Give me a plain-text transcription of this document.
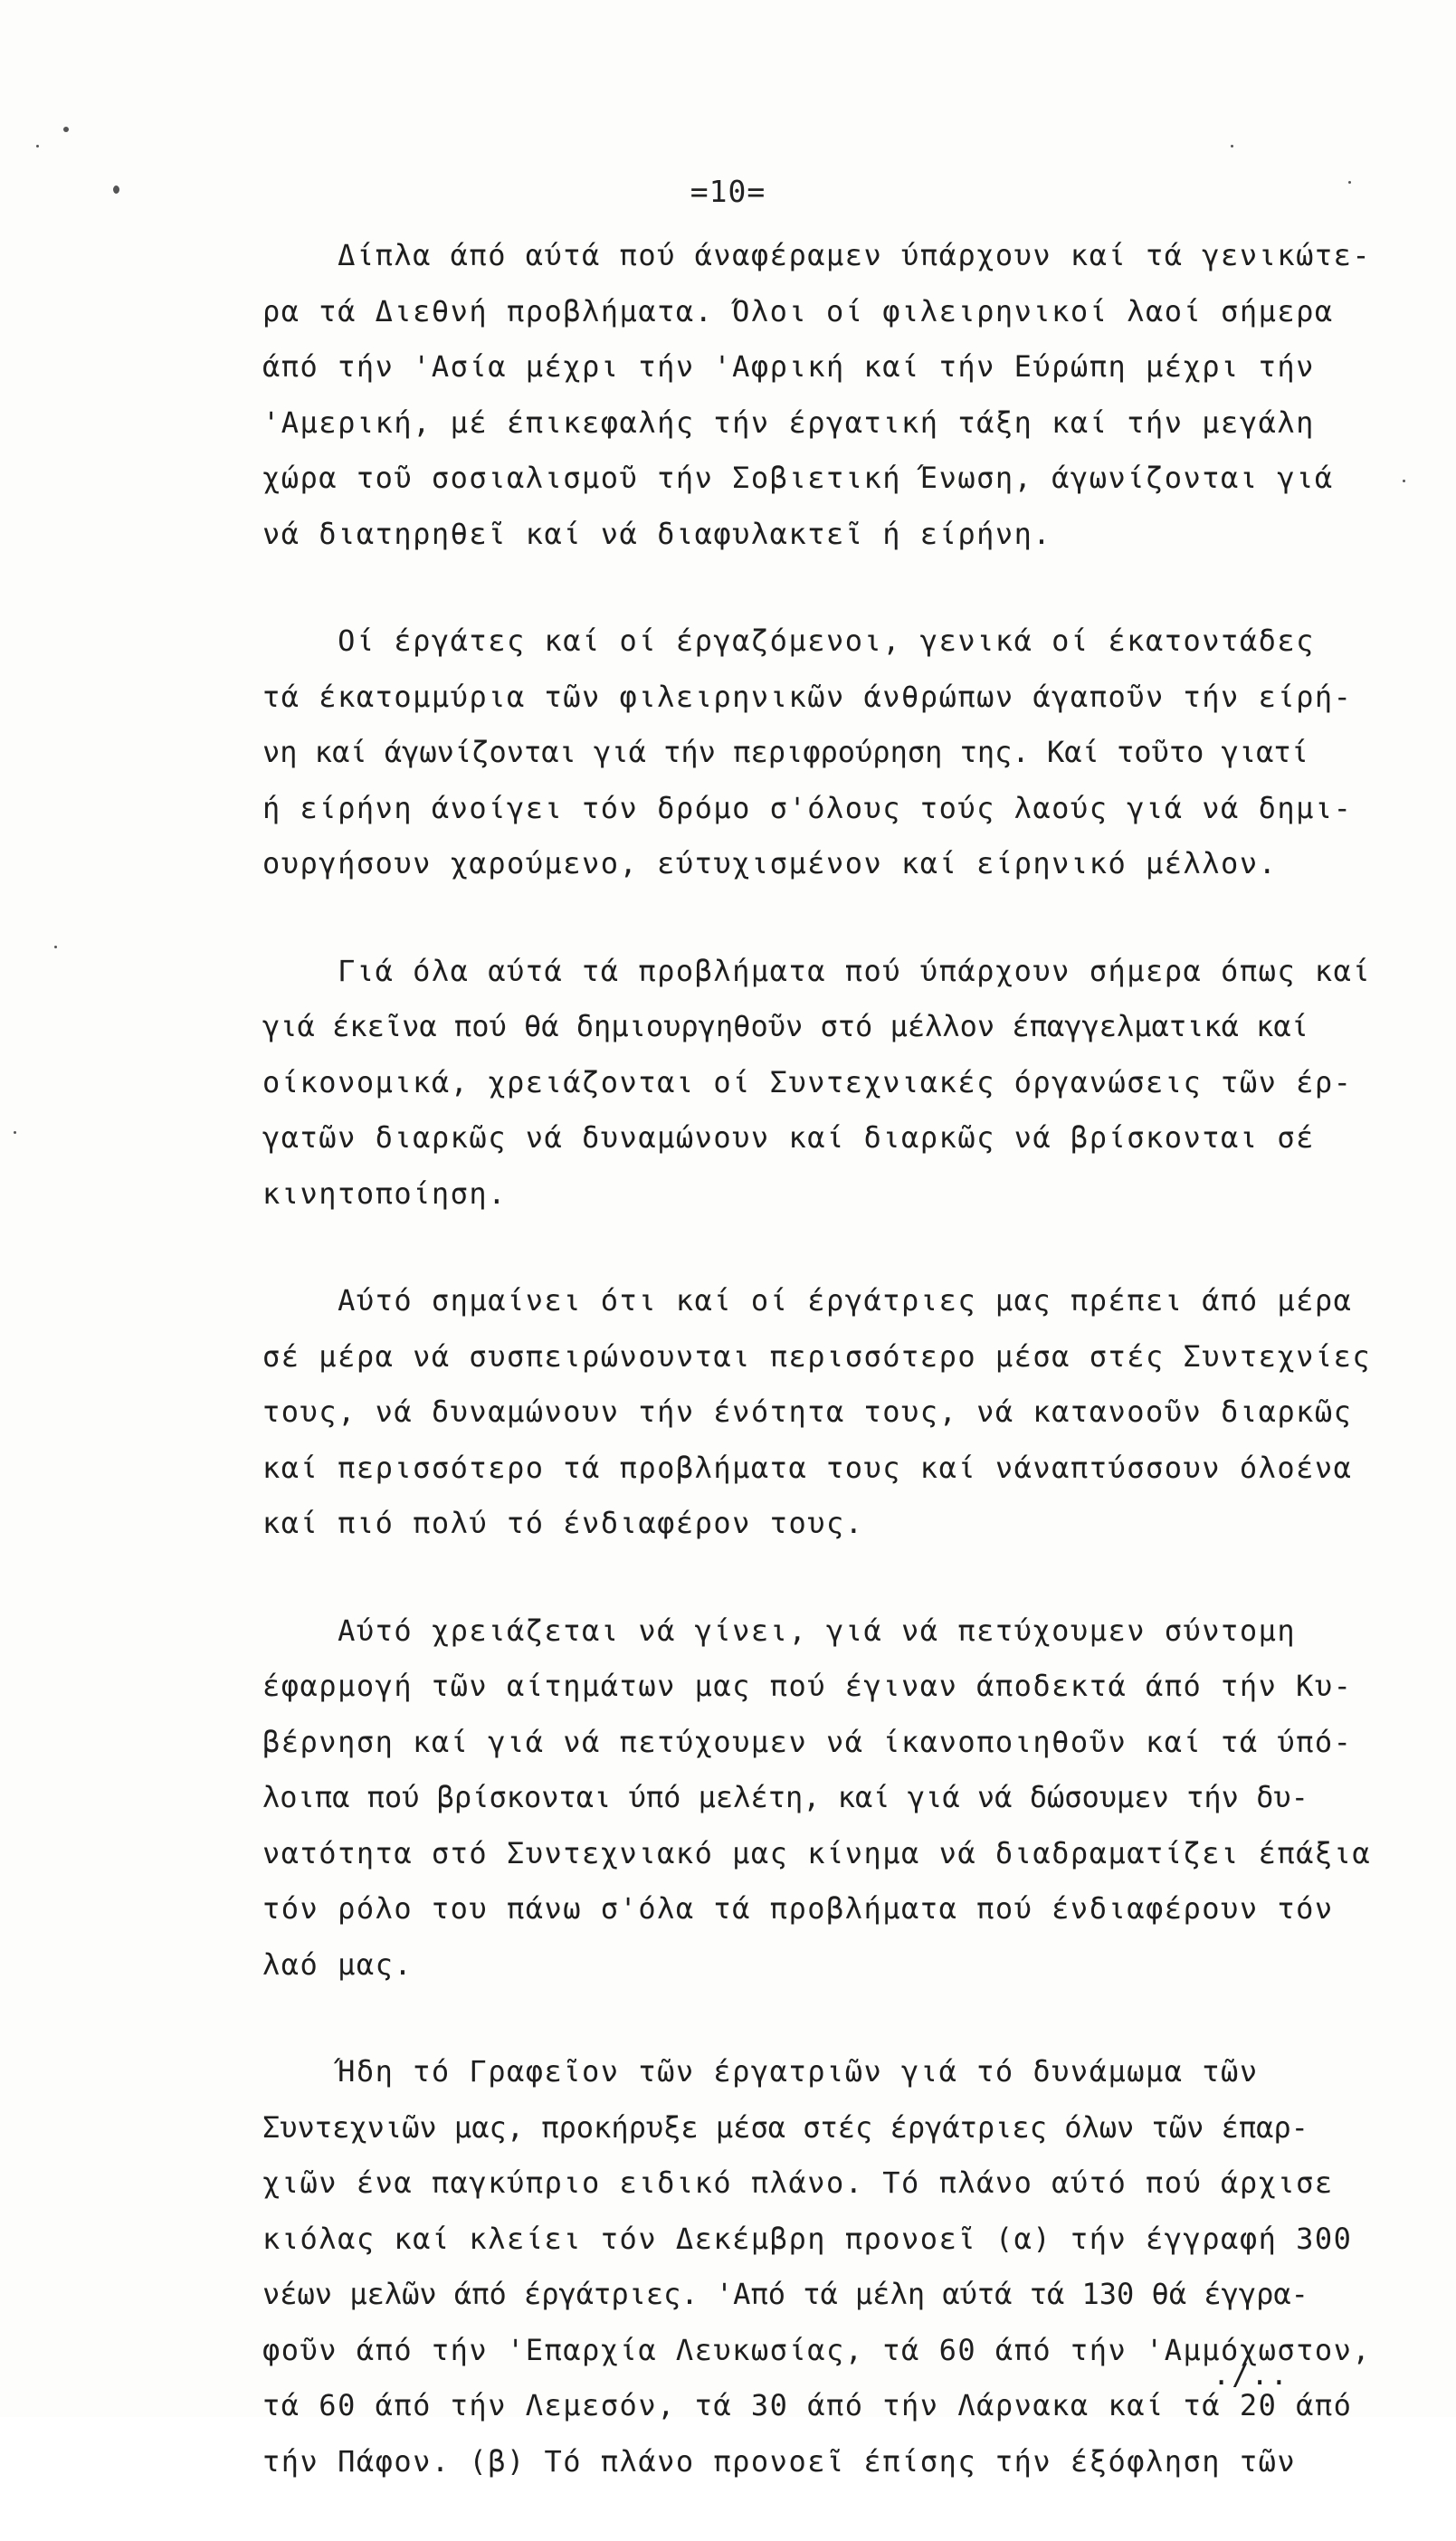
=10=
Δίπλα άπό αύτά πού άναφέραμεν ύπάρχουν καί τά γενικώτε-
ρα τά Διεθνή προβλήματα. Όλοι οί φιλειρηνικοί λαοί σήμερα
άπό τήν 'Ασία μέχρι τήν 'Αφρική καί τήν Εύρώπη μέχρι τήν
'Αμερική, μέ έπικεφαλής τήν έργατική τάξη καί τήν μεγάλη
χώρα τοῦ σοσιαλισμοῦ τήν Σοβιετική Ένωση, άγωνίζονται γιά
νά διατηρηθεῖ καί νά διαφυλακτεῖ ή είρήνη.
Οί έργάτες καί οί έργαζόμενοι, γενικά οί έκατοντάδες
τά έκατομμύρια τῶν φιλειρηνικῶν άνθρώπων άγαποῦν τήν είρή-
νη καί άγωνίζονται γιά τήν περιφρούρηση της. Καί τοῦτο γιατί
ή είρήνη άνοίγει τόν δρόμο σ'όλους τούς λαούς γιά νά δημι-
ουργήσουν χαρούμενο, εύτυχισμένον καί είρηνικό μέλλον.
Γιά όλα αύτά τά προβλήματα πού ύπάρχουν σήμερα όπως καί
γιά έκεῖνα πού θά δημιουργηθοῦν στό μέλλον έπαγγελματικά καί
οίκονομικά, χρειάζονται οί Συντεχνιακές όργανώσεις τῶν έρ-
γατῶν διαρκῶς νά δυναμώνουν καί διαρκῶς νά βρίσκονται σέ
κινητοποίηση.
Αύτό σημαίνει ότι καί οί έργάτριες μας πρέπει άπό μέρα
σέ μέρα νά συσπειρώνουνται περισσότερο μέσα στές Συντεχνίες
τους, νά δυναμώνουν τήν ένότητα τους, νά κατανοοῦν διαρκῶς
καί περισσότερο τά προβλήματα τους καί νάναπτύσσουν όλοένα
καί πιό πολύ τό ένδιαφέρον τους.
Αύτό χρειάζεται νά γίνει, γιά νά πετύχουμεν σύντομη
έφαρμογή τῶν αίτημάτων μας πού έγιναν άποδεκτά άπό τήν Κυ-
βέρνηση καί γιά νά πετύχουμεν νά ίκανοποιηθοῦν καί τά ύπό-
λοιπα πού βρίσκονται ύπό μελέτη, καί γιά νά δώσουμεν τήν δυ-
νατότητα στό Συντεχνιακό μας κίνημα νά διαδραματίζει έπάξια
τόν ρόλο του πάνω σ'όλα τά προβλήματα πού ένδιαφέρουν τόν
λαό μας.
Ήδη τό Γραφεῖον τῶν έργατριῶν γιά τό δυνάμωμα τῶν
Συντεχνιῶν μας, προκήρυξε μέσα στές έργάτριες όλων τῶν έπαρ-
χιῶν ένα παγκύπριο ειδικό πλάνο. Τό πλάνο αύτό πού άρχισε
κιόλας καί κλείει τόν Δεκέμβρη προνοεῖ (α) τήν έγγραφή 300
νέων μελῶν άπό έργάτριες. 'Από τά μέλη αύτά τά 130 θά έγγρα-
φοῦν άπό τήν 'Επαρχία Λευκωσίας, τά 60 άπό τήν 'Αμμόχωστον,
τά 60 άπό τήν Λεμεσόν, τά 30 άπό τήν Λάρνακα καί τά 20 άπό
τήν Πάφον. (β) Τό πλάνο προνοεῖ έπίσης τήν έξόφληση τῶν
./..
